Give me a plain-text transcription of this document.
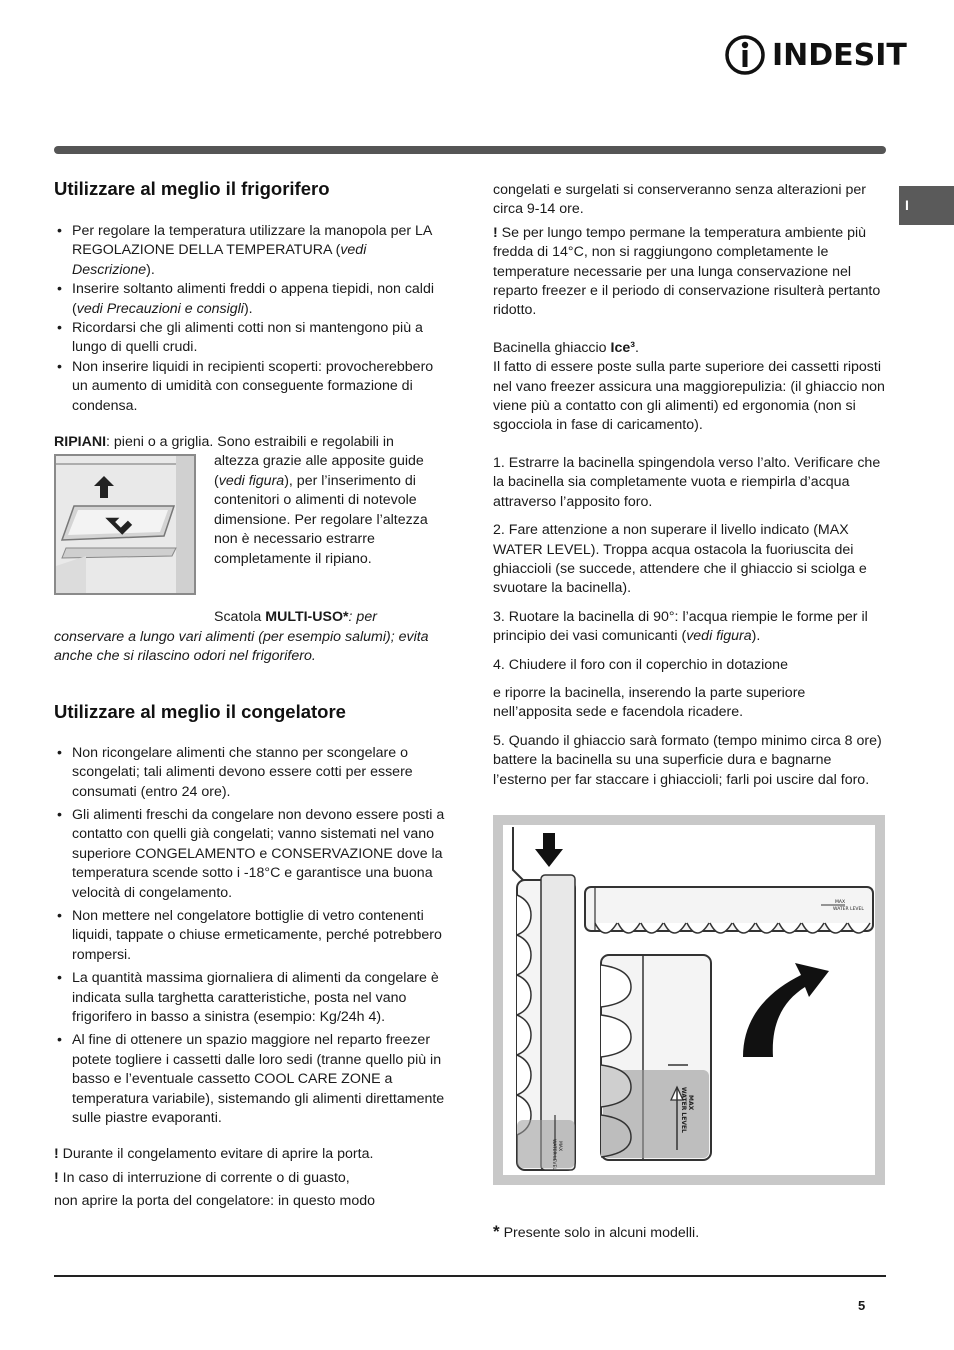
INDESIT
I
Utilizzare al meglio il frigorifero
• Per regolare la temperatura utilizzare la manopola per LA REGOLAZIONE DELLA TEMPERATURA (vedi Descrizione).
• Inserire soltanto alimenti freddi o appena tiepidi, non caldi (vedi Precauzioni e consigli).
• Ricordarsi che gli alimenti cotti non si mantengono più a lungo di quelli crudi.
• Non inserire liquidi in recipienti scoperti: provocherebbero un aumento di umidità con conseguente formazione di condensa.

RIPIANI: pieni o a griglia. Sono estraibili e regolabili in

altezza grazie alle apposite guide (vedi figura), per l’inserimento di contenitori o alimenti di notevole dimensione. Per regolare l’altezza non è necessario estrarre completamente il ripiano.

Scatola MULTI-USO*: per conservare a lungo vari alimenti (per esempio salumi); evita anche che si rilascino odori nel frigorifero.

Utilizzare al meglio il congelatore
• Non ricongelare alimenti che stanno per scongelare o scongelati; tali alimenti devono essere cotti per essere consumati (entro 24 ore).
• Gli alimenti freschi da congelare non devono essere posti a contatto con quelli già congelati; vanno sistemati nel vano superiore CONGELAMENTO e CONSERVAZIONE dove la temperatura scende sotto i -18°C e garantisce una buona velocità di congelamento.
• Non mettere nel congelatore bottiglie di vetro contenenti liquidi, tappate o chiuse ermeticamente, perché potrebbero rompersi.
• La quantità massima giornaliera di alimenti da congelare è indicata sulla targhetta caratteristiche, posta nel vano frigorifero in basso a sinistra (esempio: Kg/24h 4).
• Al fine di ottenere un spazio maggiore nel reparto freezer potete togliere i cassetti dalle loro sedi (tranne quello più in basso e l’eventuale cassetto COOL CARE ZONE a temperatura variabile), sistemando gli alimenti direttamente sulle piastre evaporanti.

! Durante il congelamento evitare di aprire la porta.

! In caso di interruzione di corrente o di guasto,

non aprire la porta del congelatore: in questo modo

congelati e surgelati si conserveranno senza alterazioni per circa 9-14 ore.

! Se per lungo tempo permane la temperatura ambiente più fredda di 14°C, non si raggiungono completamente le temperature necessarie per una lunga conservazione nel reparto freezer e il periodo di conservazione risulterà pertanto ridotto.

Bacinella ghiaccio Ice³.

Il fatto di essere poste sulla parte superiore dei cassetti riposti nel vano freezer assicura una maggiorepulizia: (il ghiaccio non viene più a contatto con gli alimenti) ed ergonomia (non si sgocciola in fase di caricamento).

1. Estrarre la bacinella spingendola verso l’alto. Verificare che la bacinella sia completamente vuota e riempirla d’acqua attraverso l’apposito foro.

2. Fare attenzione a non superare il livello indicato (MAX WATER LEVEL). Troppa acqua ostacola la fuoriuscita dei ghiaccioli (se succede, attendere che il ghiaccio si sciolga e svuotare la bacinella).

3. Ruotare la bacinella di 90°: l’acqua riempie le forme per il principio dei vasi comunicanti (vedi figura).

4. Chiudere il foro con il coperchio in dotazione

e riporre la bacinella, inserendo la parte superiore nell’apposita sede e facendola ricadere.

5. Quando il ghiaccio sarà formato (tempo minimo circa 8 ore) battere la bacinella su una superficie dura e bagnarne l’esterno per far staccare i ghiaccioli; farli poi uscire dal foro.

MAX
WATER LEVEL
MAX
WATER LEVEL
MAX
WATER LEVEL

* Presente solo in alcuni modelli.

5
